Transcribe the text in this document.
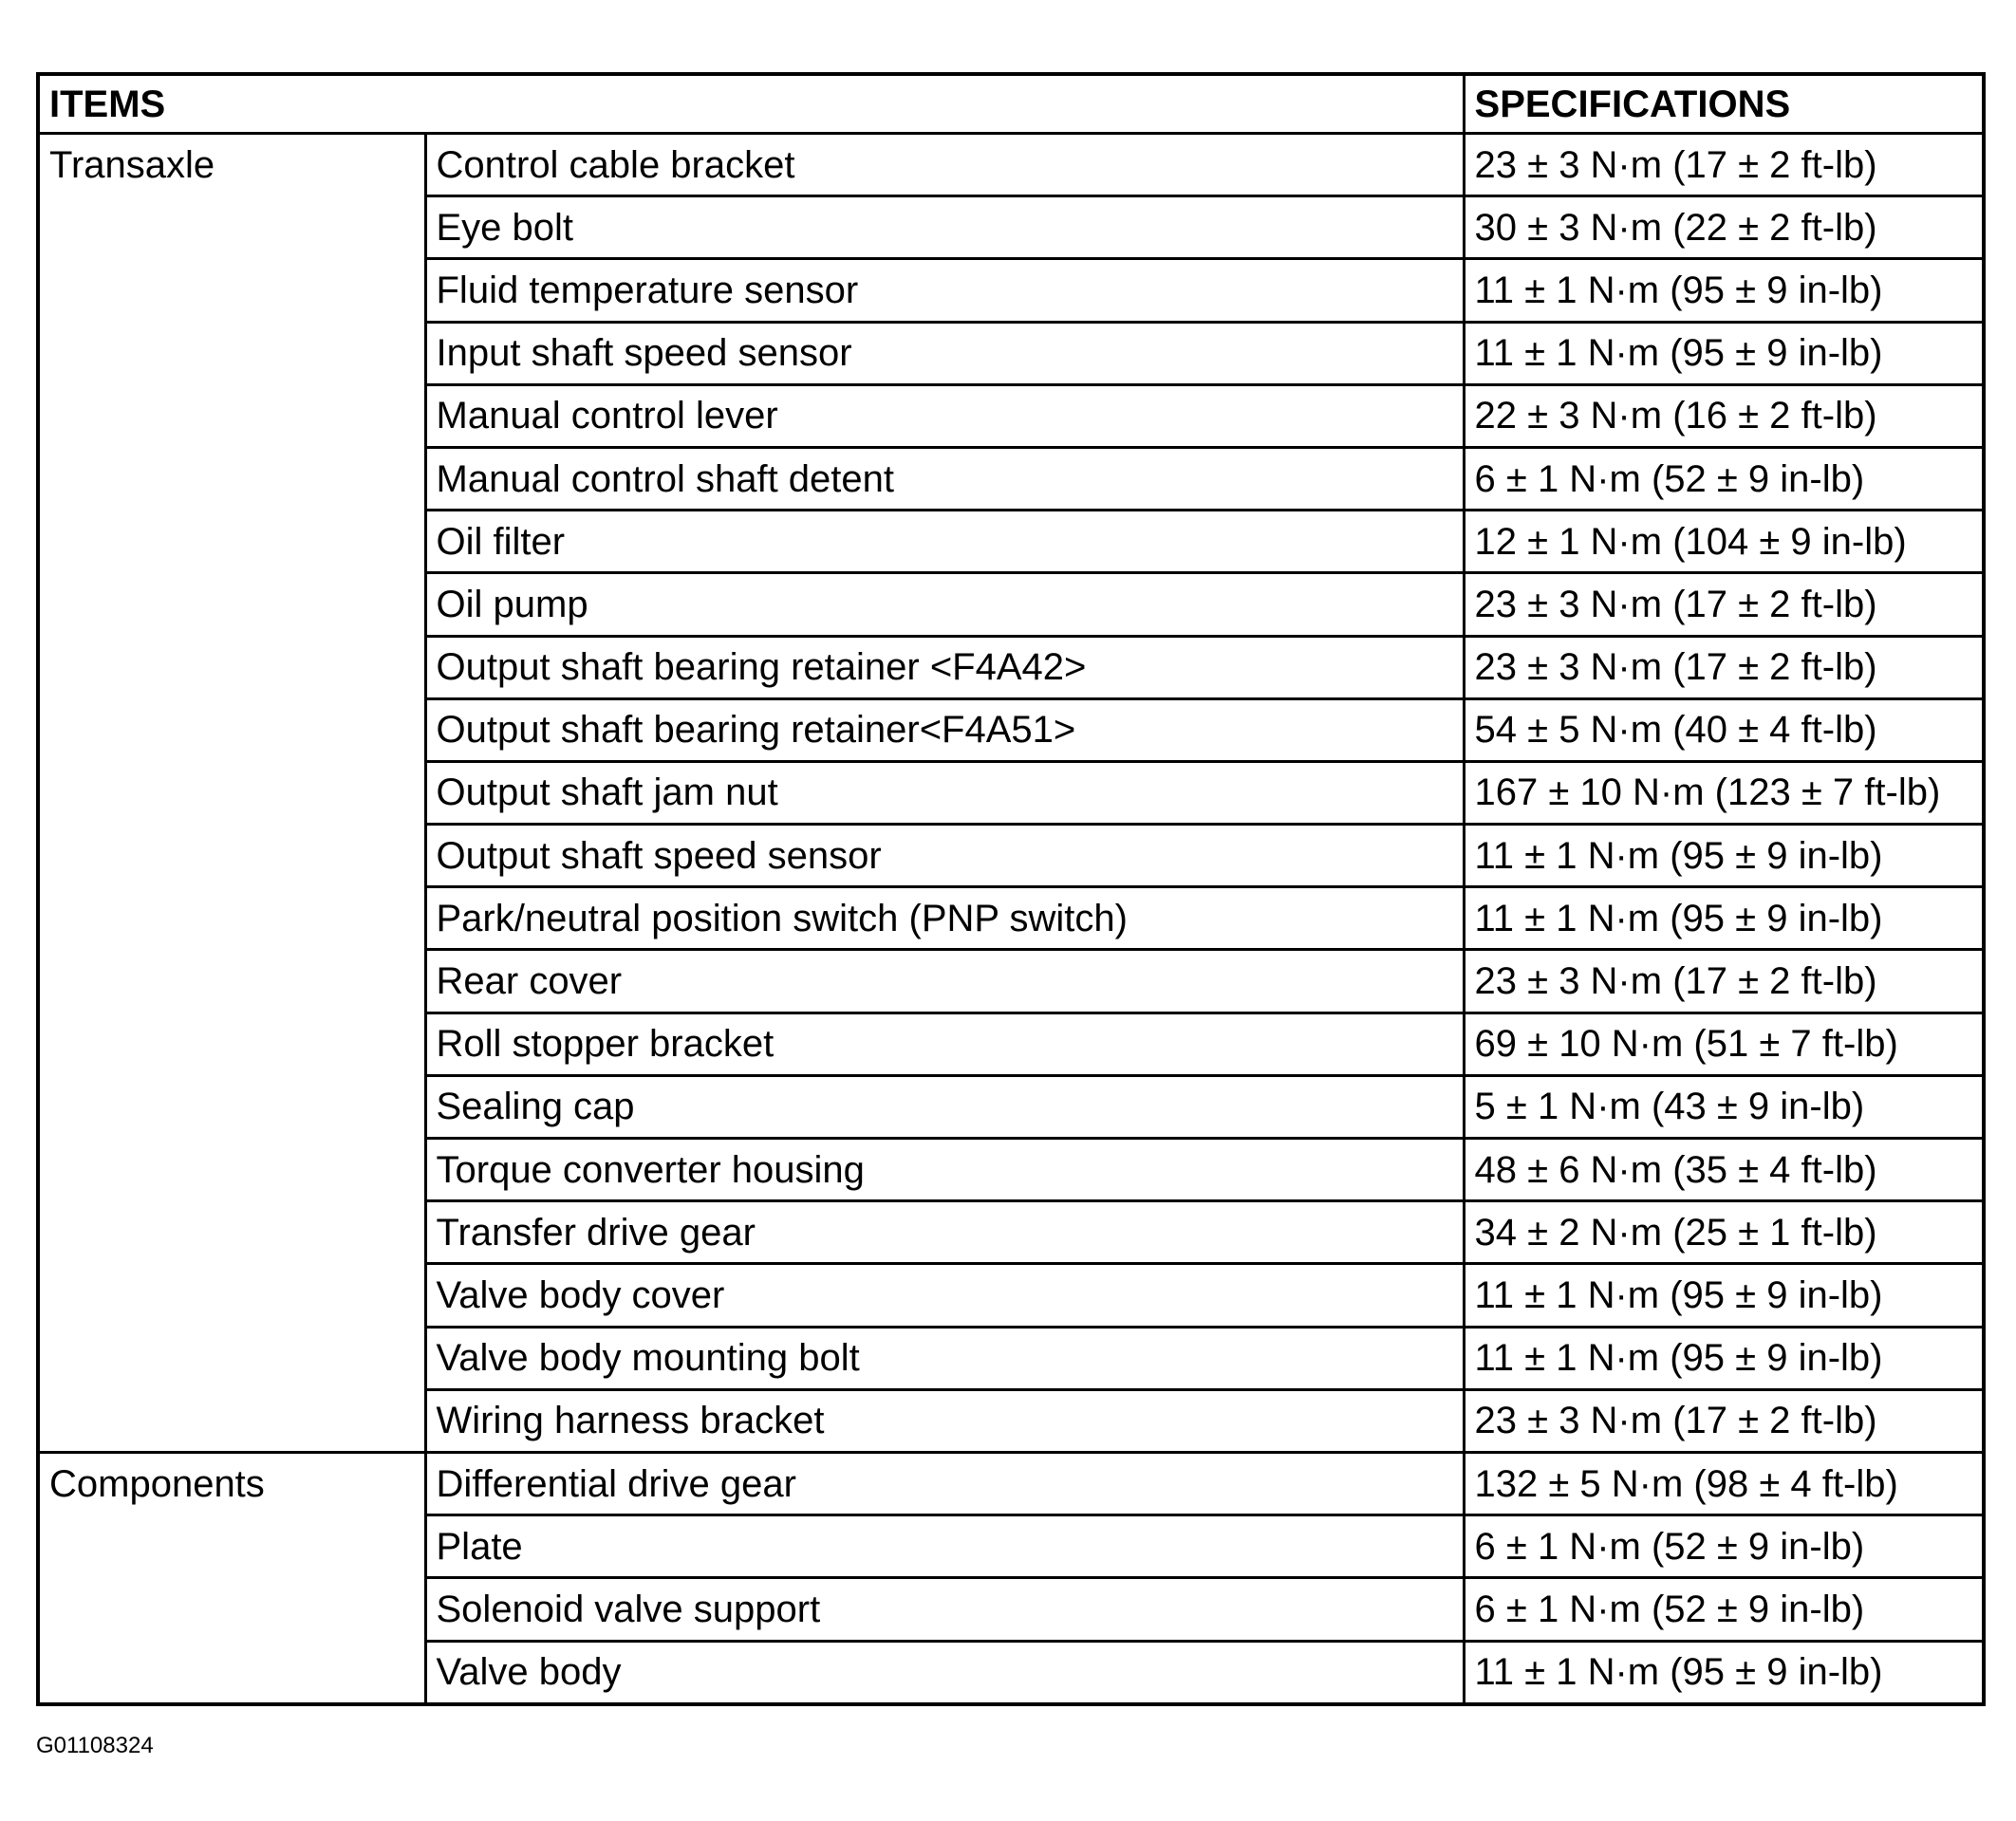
ITEMS		SPECIFICATIONS
Transaxle	Control cable bracket	23 ± 3 N·m (17 ± 2 ft-lb)
	Eye bolt	30 ± 3 N·m (22 ± 2 ft-lb)
	Fluid temperature sensor	11 ± 1 N·m (95 ± 9 in-lb)
	Input shaft speed sensor	11 ± 1 N·m (95 ± 9 in-lb)
	Manual control lever	22 ± 3 N·m (16 ± 2 ft-lb)
	Manual control shaft detent	6 ± 1 N·m (52 ± 9 in-lb)
	Oil filter	12 ± 1 N·m (104 ± 9 in-lb)
	Oil pump	23 ± 3 N·m (17 ± 2 ft-lb)
	Output shaft bearing retainer <F4A42>	23 ± 3 N·m (17 ± 2 ft-lb)
	Output shaft bearing retainer<F4A51>	54 ± 5 N·m (40 ± 4 ft-lb)
	Output shaft jam nut	167 ± 10 N·m (123 ± 7 ft-lb)
	Output shaft speed sensor	11 ± 1 N·m (95 ± 9 in-lb)
	Park/neutral position switch (PNP switch)	11 ± 1 N·m (95 ± 9 in-lb)
	Rear cover	23 ± 3 N·m (17 ± 2 ft-lb)
	Roll stopper bracket	69 ± 10 N·m (51 ± 7 ft-lb)
	Sealing cap	5 ± 1 N·m (43 ± 9 in-lb)
	Torque converter housing	48 ± 6 N·m (35 ± 4 ft-lb)
	Transfer drive gear	34 ± 2 N·m (25 ± 1 ft-lb)
	Valve body cover	11 ± 1 N·m (95 ± 9 in-lb)
	Valve body mounting bolt	11 ± 1 N·m (95 ± 9 in-lb)
	Wiring harness bracket	23 ± 3 N·m (17 ± 2 ft-lb)
Components	Differential drive gear	132 ± 5 N·m (98 ± 4 ft-lb)
	Plate	6 ± 1 N·m (52 ± 9 in-lb)
	Solenoid valve support	6 ± 1 N·m (52 ± 9 in-lb)
	Valve body	11 ± 1 N·m (95 ± 9 in-lb)
G01108324
